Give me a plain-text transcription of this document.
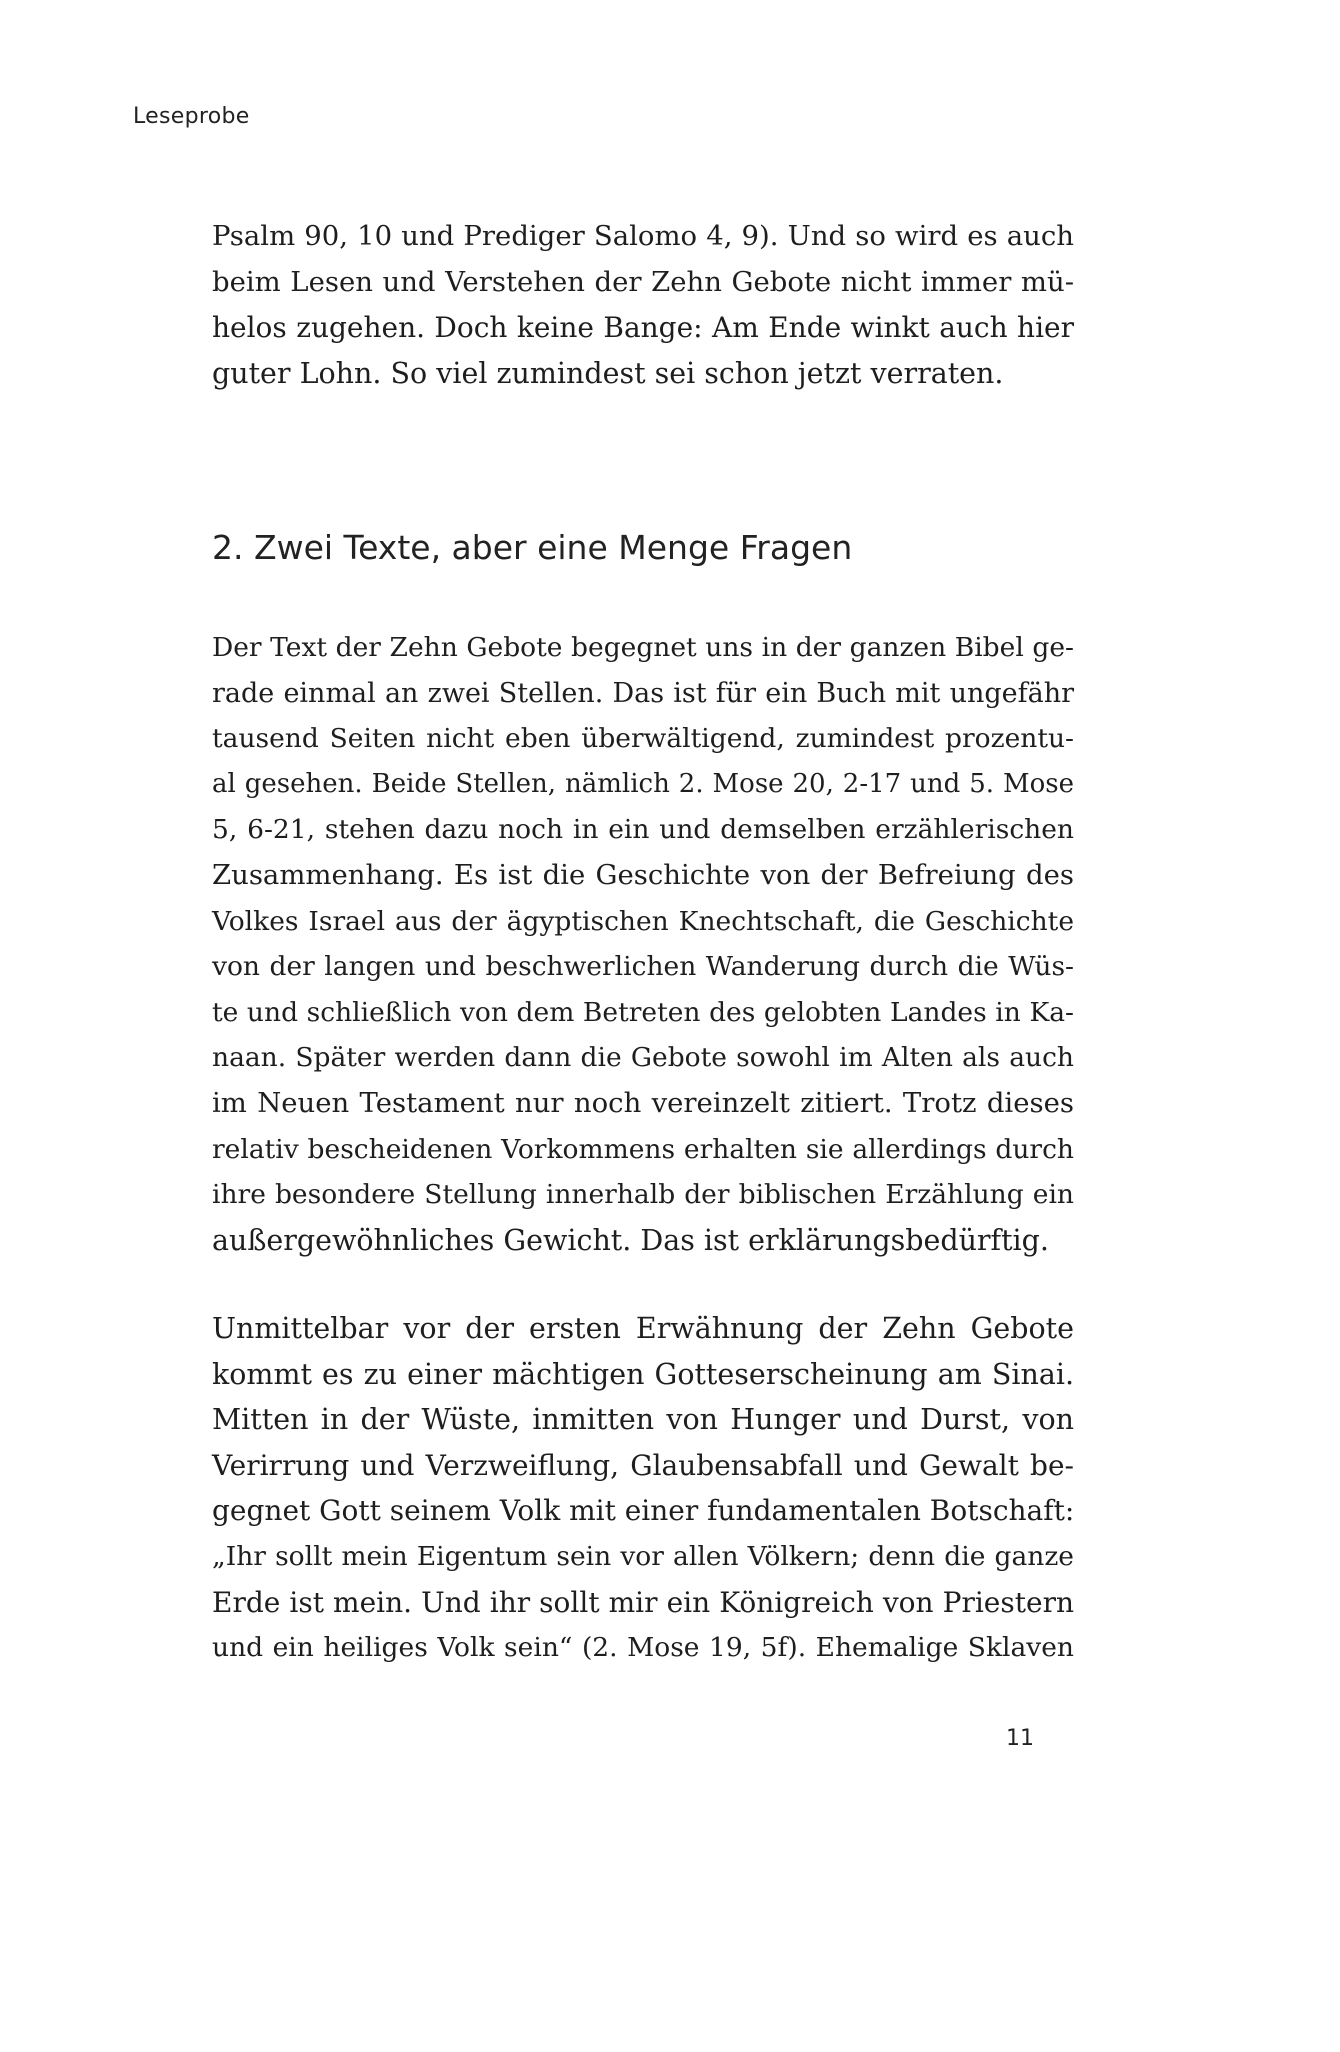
Leseprobe
Psalm 90, 10 und Prediger Salomo 4, 9). Und so wird es auch
beim Lesen und Verstehen der Zehn Gebote nicht immer mü-
helos zugehen. Doch keine Bange: Am Ende winkt auch hier
guter Lohn. So viel zumindest sei schon jetzt verraten.
2. Zwei Texte, aber eine Menge Fragen
Der Text der Zehn Gebote begegnet uns in der ganzen Bibel ge-
rade einmal an zwei Stellen. Das ist für ein Buch mit ungefähr
tausend Seiten nicht eben überwältigend, zumindest prozentu-
al gesehen. Beide Stellen, nämlich 2. Mose 20, 2-17 und 5. Mose
5, 6-21, stehen dazu noch in ein und demselben erzählerischen
Zusammenhang. Es ist die Geschichte von der Befreiung des
Volkes Israel aus der ägyptischen Knechtschaft, die Geschichte
von der langen und beschwerlichen Wanderung durch die Wüs-
te und schließlich von dem Betreten des gelobten Landes in Ka-
naan. Später werden dann die Gebote sowohl im Alten als auch
im Neuen Testament nur noch vereinzelt zitiert. Trotz dieses
relativ bescheidenen Vorkommens erhalten sie allerdings durch
ihre besondere Stellung innerhalb der biblischen Erzählung ein
außergewöhnliches Gewicht. Das ist erklärungsbedürftig.
Unmittelbar vor der ersten Erwähnung der Zehn Gebote
kommt es zu einer mächtigen Gotteserscheinung am Sinai.
Mitten in der Wüste, inmitten von Hunger und Durst, von
Verirrung und Verzweiflung, Glaubensabfall und Gewalt be-
gegnet Gott seinem Volk mit einer fundamentalen Botschaft:
„Ihr sollt mein Eigentum sein vor allen Völkern; denn die ganze
Erde ist mein. Und ihr sollt mir ein Königreich von Priestern
und ein heiliges Volk sein“ (2. Mose 19, 5f). Ehemalige Sklaven
11
